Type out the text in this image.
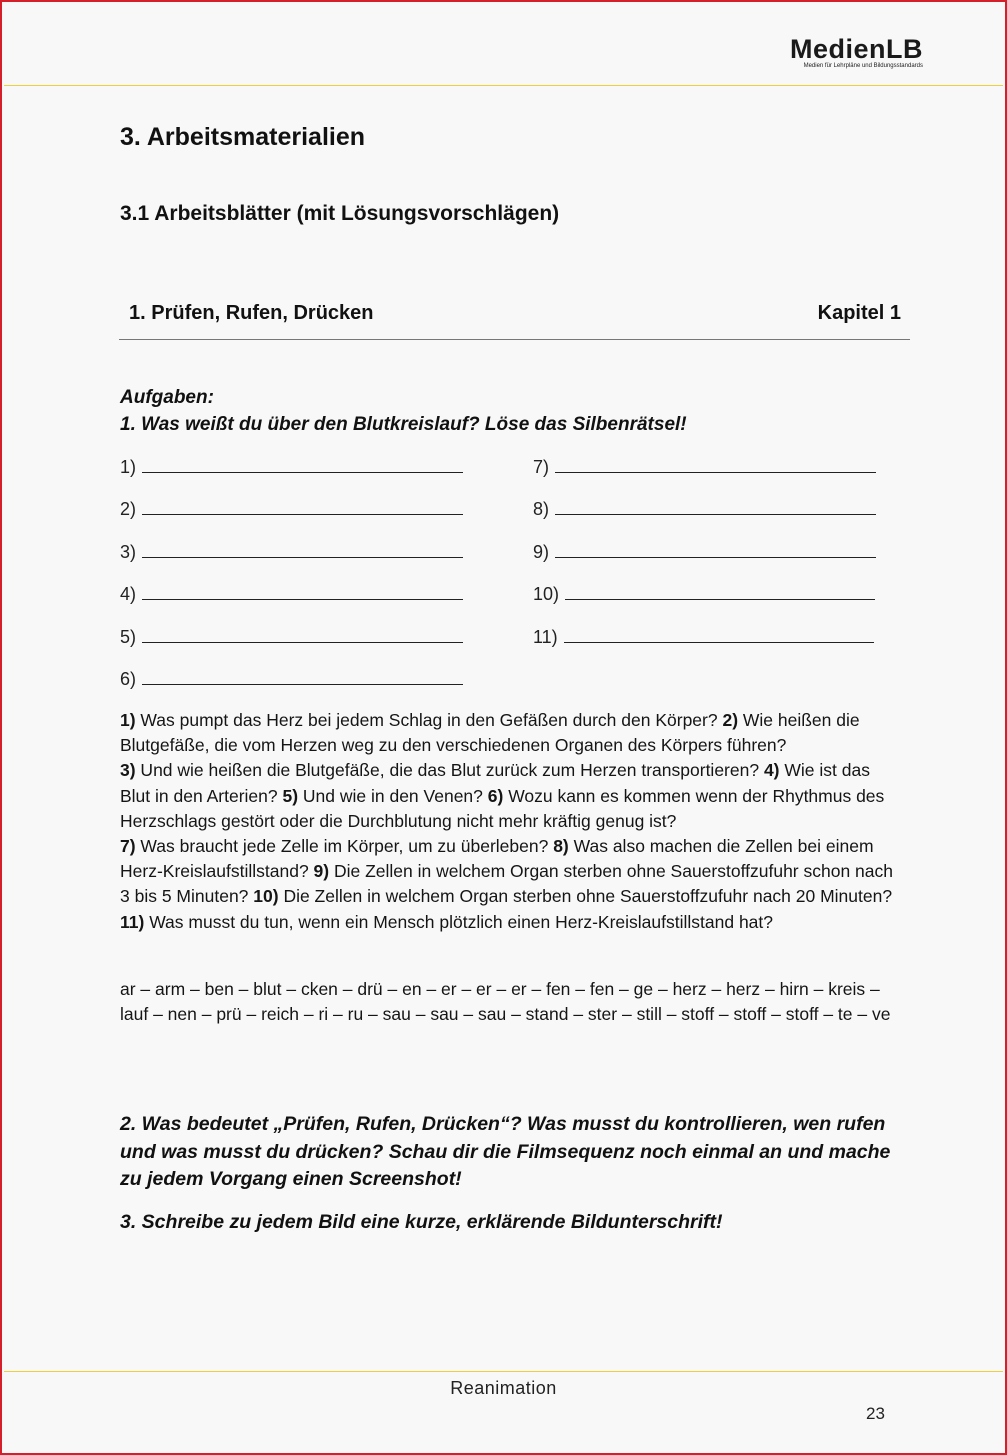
MedienLB
Medien für Lehrpläne und Bildungsstandards
3. Arbeitsmaterialien
3.1 Arbeitsblätter (mit Lösungsvorschlägen)
1. Prüfen, Rufen, Drücken	Kapitel 1
Aufgaben:
1. Was weißt du über den Blutkreislauf? Löse das Silbenrätsel!
1)
2)
3)
4)
5)
6)
7)
8)
9)
10)
11)
1) Was pumpt das Herz bei jedem Schlag in den Gefäßen durch den Körper? 2) Wie heißen die Blutgefäße, die vom Herzen weg zu den verschiedenen Organen des Körpers führen?
3) Und wie heißen die Blutgefäße, die das Blut zurück zum Herzen transportieren? 4) Wie ist das Blut in den Arterien? 5) Und wie in den Venen? 6) Wozu kann es kommen wenn der Rhythmus des Herzschlags gestört oder die Durchblutung nicht mehr kräftig genug ist?
7) Was braucht jede Zelle im Körper, um zu überleben? 8) Was also machen die Zellen bei einem Herz-Kreislaufstillstand? 9) Die Zellen in welchem Organ sterben ohne Sauerstoffzufuhr schon nach 3 bis 5 Minuten? 10) Die Zellen in welchem Organ sterben ohne Sauerstoffzufuhr nach 20 Minuten? 11) Was musst du tun, wenn ein Mensch plötzlich einen Herz-Kreislaufstillstand hat?
ar – arm – ben – blut – cken – drü – en – er – er – er – fen – fen – ge – herz – herz – hirn – kreis – lauf – nen – prü – reich – ri – ru – sau – sau – sau – stand – ster – still – stoff – stoff – stoff – te – ve
2. Was bedeutet „Prüfen, Rufen, Drücken“? Was musst du kontrollieren, wen rufen und was musst du drücken? Schau dir die Filmsequenz noch einmal an und mache zu jedem Vorgang einen Screenshot!
3. Schreibe zu jedem Bild eine kurze, erklärende Bildunterschrift!
Reanimation
23
